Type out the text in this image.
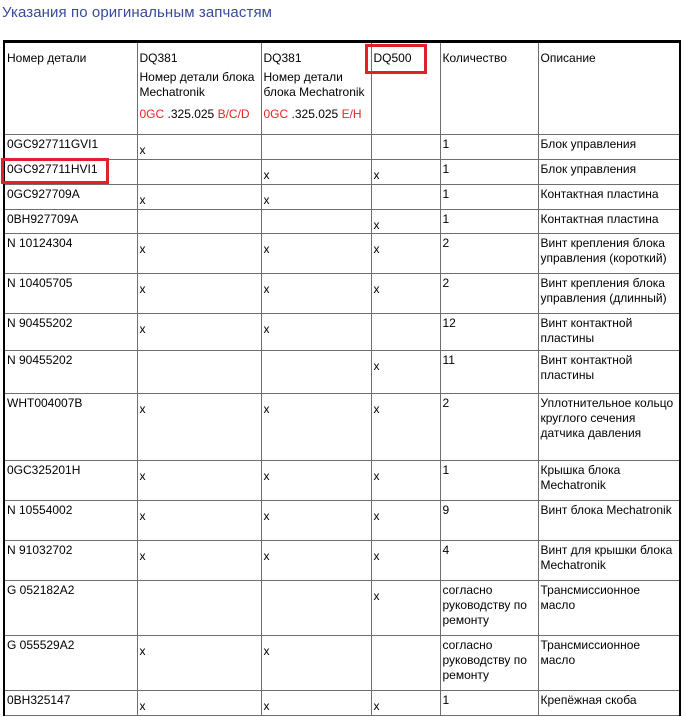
Указания по оригинальным запчастям
Номер детали	DQ381
Номер детали блока Mechatronik
0GC .325.025 B/C/D	DQ381
Номер детали блока Mechatronik
0GC .325.025 E/H	DQ500	Количество	Описание
0GC927711GVI1	x			1	Блок управления
0GC927711HVI1		x	x	1	Блок управления
0GC927709A	x	x		1	Контактная пластина
0BH927709A			x	1	Контактная пластина
N 10124304	x	x	x	2	Винт крепления блока управления (короткий)
N 10405705	x	x	x	2	Винт крепления блока управления (длинный)
N 90455202	x	x		12	Винт контактной пластины
N 90455202			x	11	Винт контактной пластины
WHT004007B	x	x	x	2	Уплотнительное кольцо круглого сечения датчика давления
0GC325201H	x	x	x	1	Крышка блока Mechatronik
N 10554002	x	x	x	9	Винт блока Mechatronik
N 91032702	x	x	x	4	Винт для крышки блока Mechatronik
G 052182A2			x	согласно руководству по ремонту	Трансмиссионное масло
G 055529A2	x	x		согласно руководству по ремонту	Трансмиссионное масло
0BH325147	x	x	x	1	Крепёжная скоба
